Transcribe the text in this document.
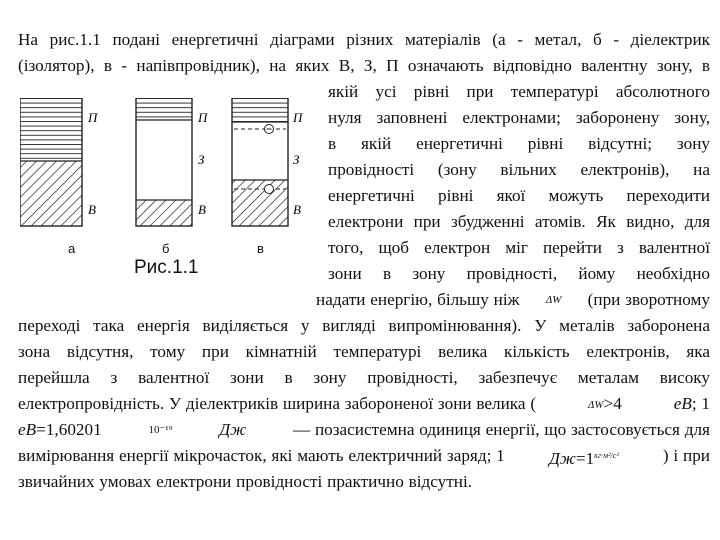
На рис.1.1 подані енергетичні діаграми різних матеріалів (а - метал, б - діелектрик
(ізолятор), в - напівпровідник), на яких В, З, П означають відповідно валентну зону, в
П
В
П
З
В
П
З
В
а	б	в
Рис.1.1
якій усі рівні при температурі абсолютного
нуля заповнені електронами; заборонену зону,
в якій енергетичні рівні відсутні; зону
провідності (зону вільних електронів), на
енергетичні рівні якої можуть переходити
електрони при збудженні атомів. Як видно, для
того, щоб електрон міг перейти з валентної
зони в зону провідності, йому необхідно
надати енергію, більшу ніж ΔW (при зворотному
переході така енергія виділяється у вигляді випромінювання). У металів заборонена
зона відсутня, тому при кімнатній температурі велика кількість електронів, яка
перейшла з валентної зони в зону провідності, забезпечує металам високу
електропровідність. У діелектриків ширина забороненої зони велика (	ΔW>4	еВ; 1
еВ=1,60201	10⁻¹⁹	Дж	— позасистемна одиниця енергії, що застосовується для
вимірювання енергії мікрочасток, які мають електричний заряд; 1	$Дж=1^{кг\cdot м^2/с^2}$	) і при
звичайних умовах електрони провідності практично відсутні.
